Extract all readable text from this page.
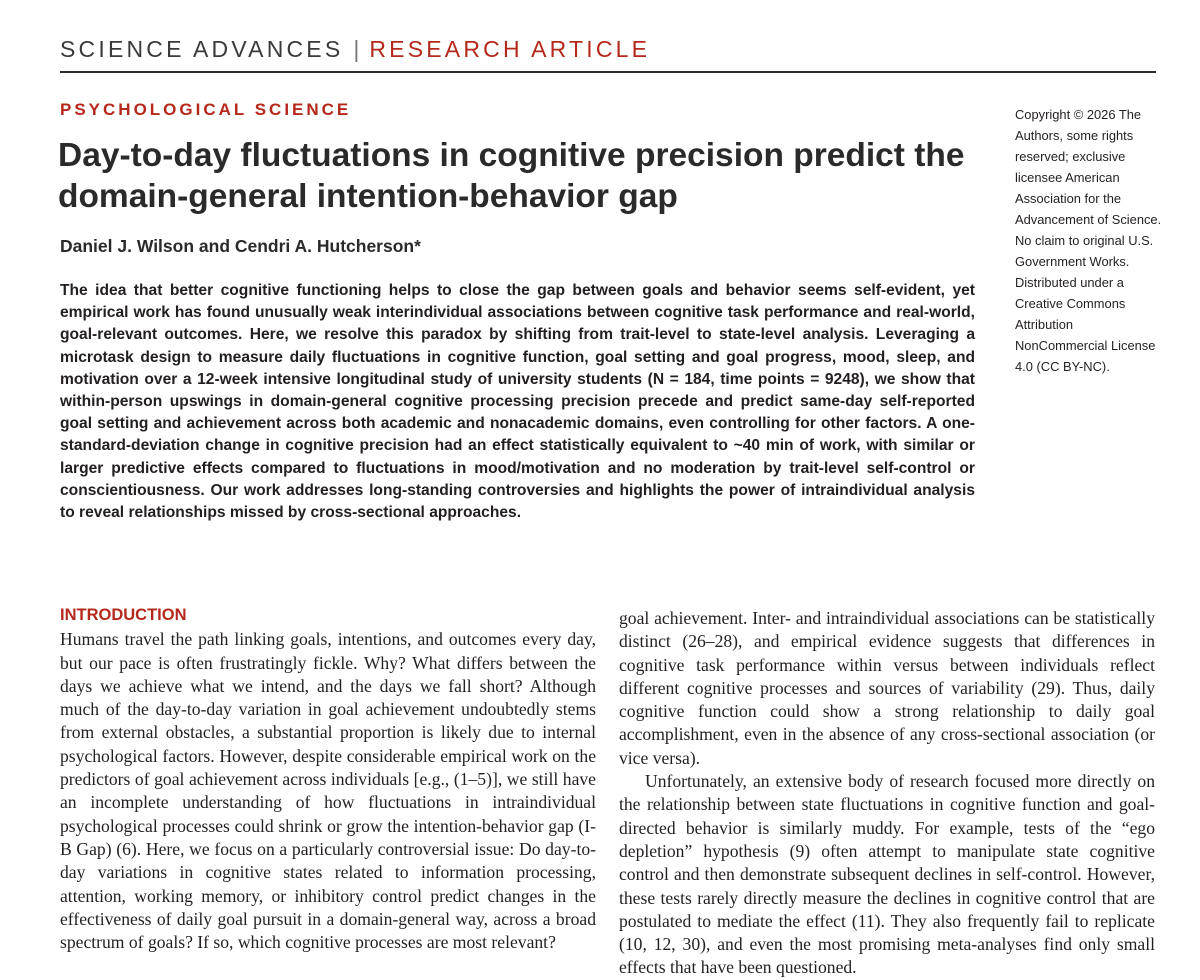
SCIENCE ADVANCES | RESEARCH ARTICLE
PSYCHOLOGICAL SCIENCE
Day-to-day fluctuations in cognitive precision predict the domain-general intention-behavior gap
Daniel J. Wilson and Cendri A. Hutcherson*

The idea that better cognitive functioning helps to close the gap between goals and behavior seems self-evident, yet empirical work has found unusually weak interindividual associations between cognitive task performance and real-world, goal-relevant outcomes. Here, we resolve this paradox by shifting from trait-level to state-level analysis. Leveraging a microtask design to measure daily fluctuations in cognitive function, goal setting and goal progress, mood, sleep, and motivation over a 12-week intensive longitudinal study of university students (N = 184, time points = 9248), we show that within-person upswings in domain-general cognitive processing precision precede and predict same-day self-reported goal setting and achievement across both academic and nonacademic domains, even controlling for other factors. A one-standard-deviation change in cognitive precision had an effect statistically equivalent to ~40 min of work, with similar or larger predictive effects compared to fluctuations in mood/motivation and no moderation by trait-level self-control or conscientiousness. Our work addresses long-standing controversies and highlights the power of intraindividual analysis to reveal relationships missed by cross-sectional approaches.

Copyright © 2026 The Authors, some rights reserved; exclusive licensee American Association for the Advancement of Science. No claim to original U.S. Government Works. Distributed under a Creative Commons Attribution NonCommercial License 4.0 (CC BY-NC).
INTRODUCTION

Humans travel the path linking goals, intentions, and outcomes every day, but our pace is often frustratingly fickle. Why? What differs between the days we achieve what we intend, and the days we fall short? Although much of the day-to-day variation in goal achievement undoubtedly stems from external obstacles, a substantial proportion is likely due to internal psychological factors. However, despite considerable empirical work on the predictors of goal achievement across individuals [e.g., (1–5)], we still have an incomplete understanding of how fluctuations in intraindividual psychological processes could shrink or grow the intention-behavior gap (I-B Gap) (6). Here, we focus on a particularly controversial issue: Do day-to-day variations in cognitive states related to information processing, attention, working memory, or inhibitory control predict changes in the effectiveness of daily goal pursuit in a domain-general way, across a broad spectrum of goals? If so, which cognitive processes are most relevant?

goal achievement. Inter- and intraindividual associations can be statistically distinct (26–28), and empirical evidence suggests that differences in cognitive task performance within versus between individuals reflect different cognitive processes and sources of variability (29). Thus, daily cognitive function could show a strong relationship to daily goal accomplishment, even in the absence of any cross-sectional association (or vice versa).

Unfortunately, an extensive body of research focused more directly on the relationship between state fluctuations in cognitive function and goal-directed behavior is similarly muddy. For example, tests of the “ego depletion” hypothesis (9) often attempt to manipulate state cognitive control and then demonstrate subsequent declines in self-control. However, these tests rarely directly measure the declines in cognitive control that are postulated to mediate the effect (11). They also frequently fail to replicate (10, 12, 30), and even the most promising meta-analyses find only small effects that have been questioned.
